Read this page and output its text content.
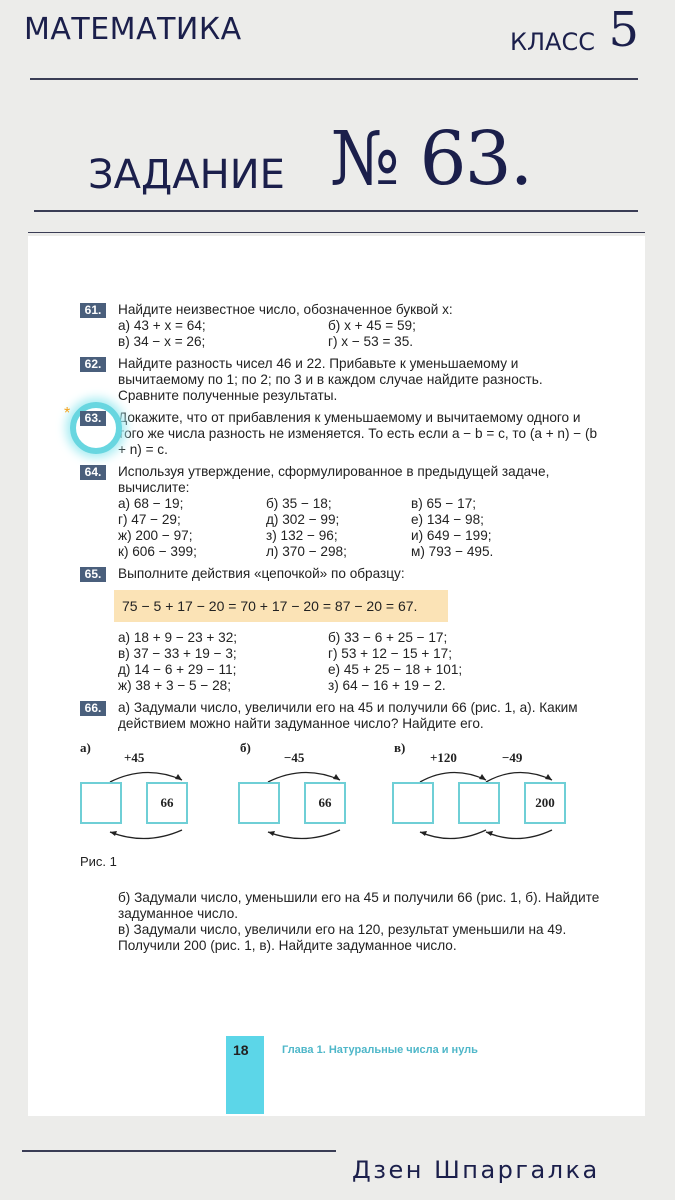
МАТЕМАТИКА	КЛАСС 5
ЗАДАНИЕ № 63.
61.	Найдите неизвестное число, обозначенное буквой x:
а) 43 + x = 64;	б) x + 45 = 59;
в) 34 − x = 26;	г) x − 53 = 35.
62.	Найдите разность чисел 46 и 22. Прибавьте к уменьшаемому и вычитаемому по 1; по 2; по 3 и в каждом случае найдите разность. Сравните полученные результаты.
*	63.	Докажите, что от прибавления к уменьшаемому и вычитаемому одного и того же числа разность не изменяется. То есть если a − b = c, то (a + n) − (b + n) = c.
64.	Используя утверждение, сформулированное в предыдущей задаче, вычислите:
а) 68 − 19;	б) 35 − 18;	в) 65 − 17;
г) 47 − 29;	д) 302 − 99;	е) 134 − 98;
ж) 200 − 97;	з) 132 − 96;	и) 649 − 199;
к) 606 − 399;	л) 370 − 298;	м) 793 − 495.
65.	Выполните действия «цепочкой» по образцу:
75 − 5 + 17 − 20 = 70 + 17 − 20 = 87 − 20 = 67.
а) 18 + 9 − 23 + 32;	б) 33 − 6 + 25 − 17;
в) 37 − 33 + 19 − 3;	г) 53 + 12 − 15 + 17;
д) 14 − 6 + 29 − 11;	е) 45 + 25 − 18 + 101;
ж) 38 + 3 − 5 − 28;	з) 64 − 16 + 19 − 2.
66.	а) Задумали число, увеличили его на 45 и получили 66 (рис. 1, а). Каким действием можно найти задуманное число? Найдите его.
а)
+45
66
б)
−45
66
в)
+120	−49
200
Рис. 1
б) Задумали число, уменьшили его на 45 и получили 66 (рис. 1, б). Найдите задуманное число.
в) Задумали число, увеличили его на 120, результат уменьшили на 49. Получили 200 (рис. 1, в). Найдите задуманное число.
18	Глава 1. Натуральные числа и нуль
Дзен Шпаргалка
